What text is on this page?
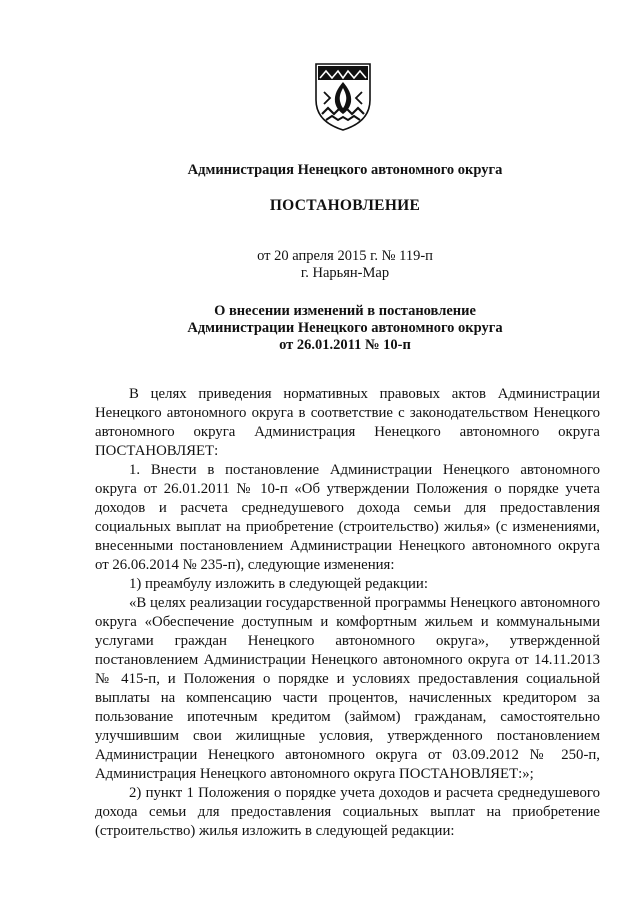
Администрация Ненецкого автономного округа
ПОСТАНОВЛЕНИЕ
от 20 апреля 2015 г. № 119-п
г. Нарьян-Мар
О внесении изменений в постановление
Администрации Ненецкого автономного округа
от 26.01.2011 № 10-п

В целях приведения нормативных правовых актов Администрации Ненецкого автономного округа в соответствие с законодательством Ненецкого автономного округа Администрация Ненецкого автономного округа ПОСТАНОВЛЯЕТ:

1. Внести в постановление Администрации Ненецкого автономного округа от 26.01.2011 № 10-п «Об утверждении Положения о порядке учета доходов и расчета среднедушевого дохода семьи для предоставления социальных выплат на приобретение (строительство) жилья» (с изменениями, внесенными постановлением Администрации Ненецкого автономного округа от 26.06.2014 № 235-п), следующие изменения:

1) преамбулу изложить в следующей редакции:

«В целях реализации государственной программы Ненецкого автономного округа «Обеспечение доступным и комфортным жильем и коммунальными услугами граждан Ненецкого автономного округа», утвержденной постановлением Администрации Ненецкого автономного округа от 14.11.2013 № 415-п, и Положения о порядке и условиях предоставления социальной выплаты на компенсацию части процентов, начисленных кредитором за пользование ипотечным кредитом (займом) гражданам, самостоятельно улучшившим свои жилищные условия, утвержденного постановлением Администрации Ненецкого автономного округа от 03.09.2012 № 250-п, Администрация Ненецкого автономного округа ПОСТАНОВЛЯЕТ:»;

2) пункт 1 Положения о порядке учета доходов и расчета среднедушевого дохода семьи для предоставления социальных выплат на приобретение (строительство) жилья изложить в следующей редакции:
